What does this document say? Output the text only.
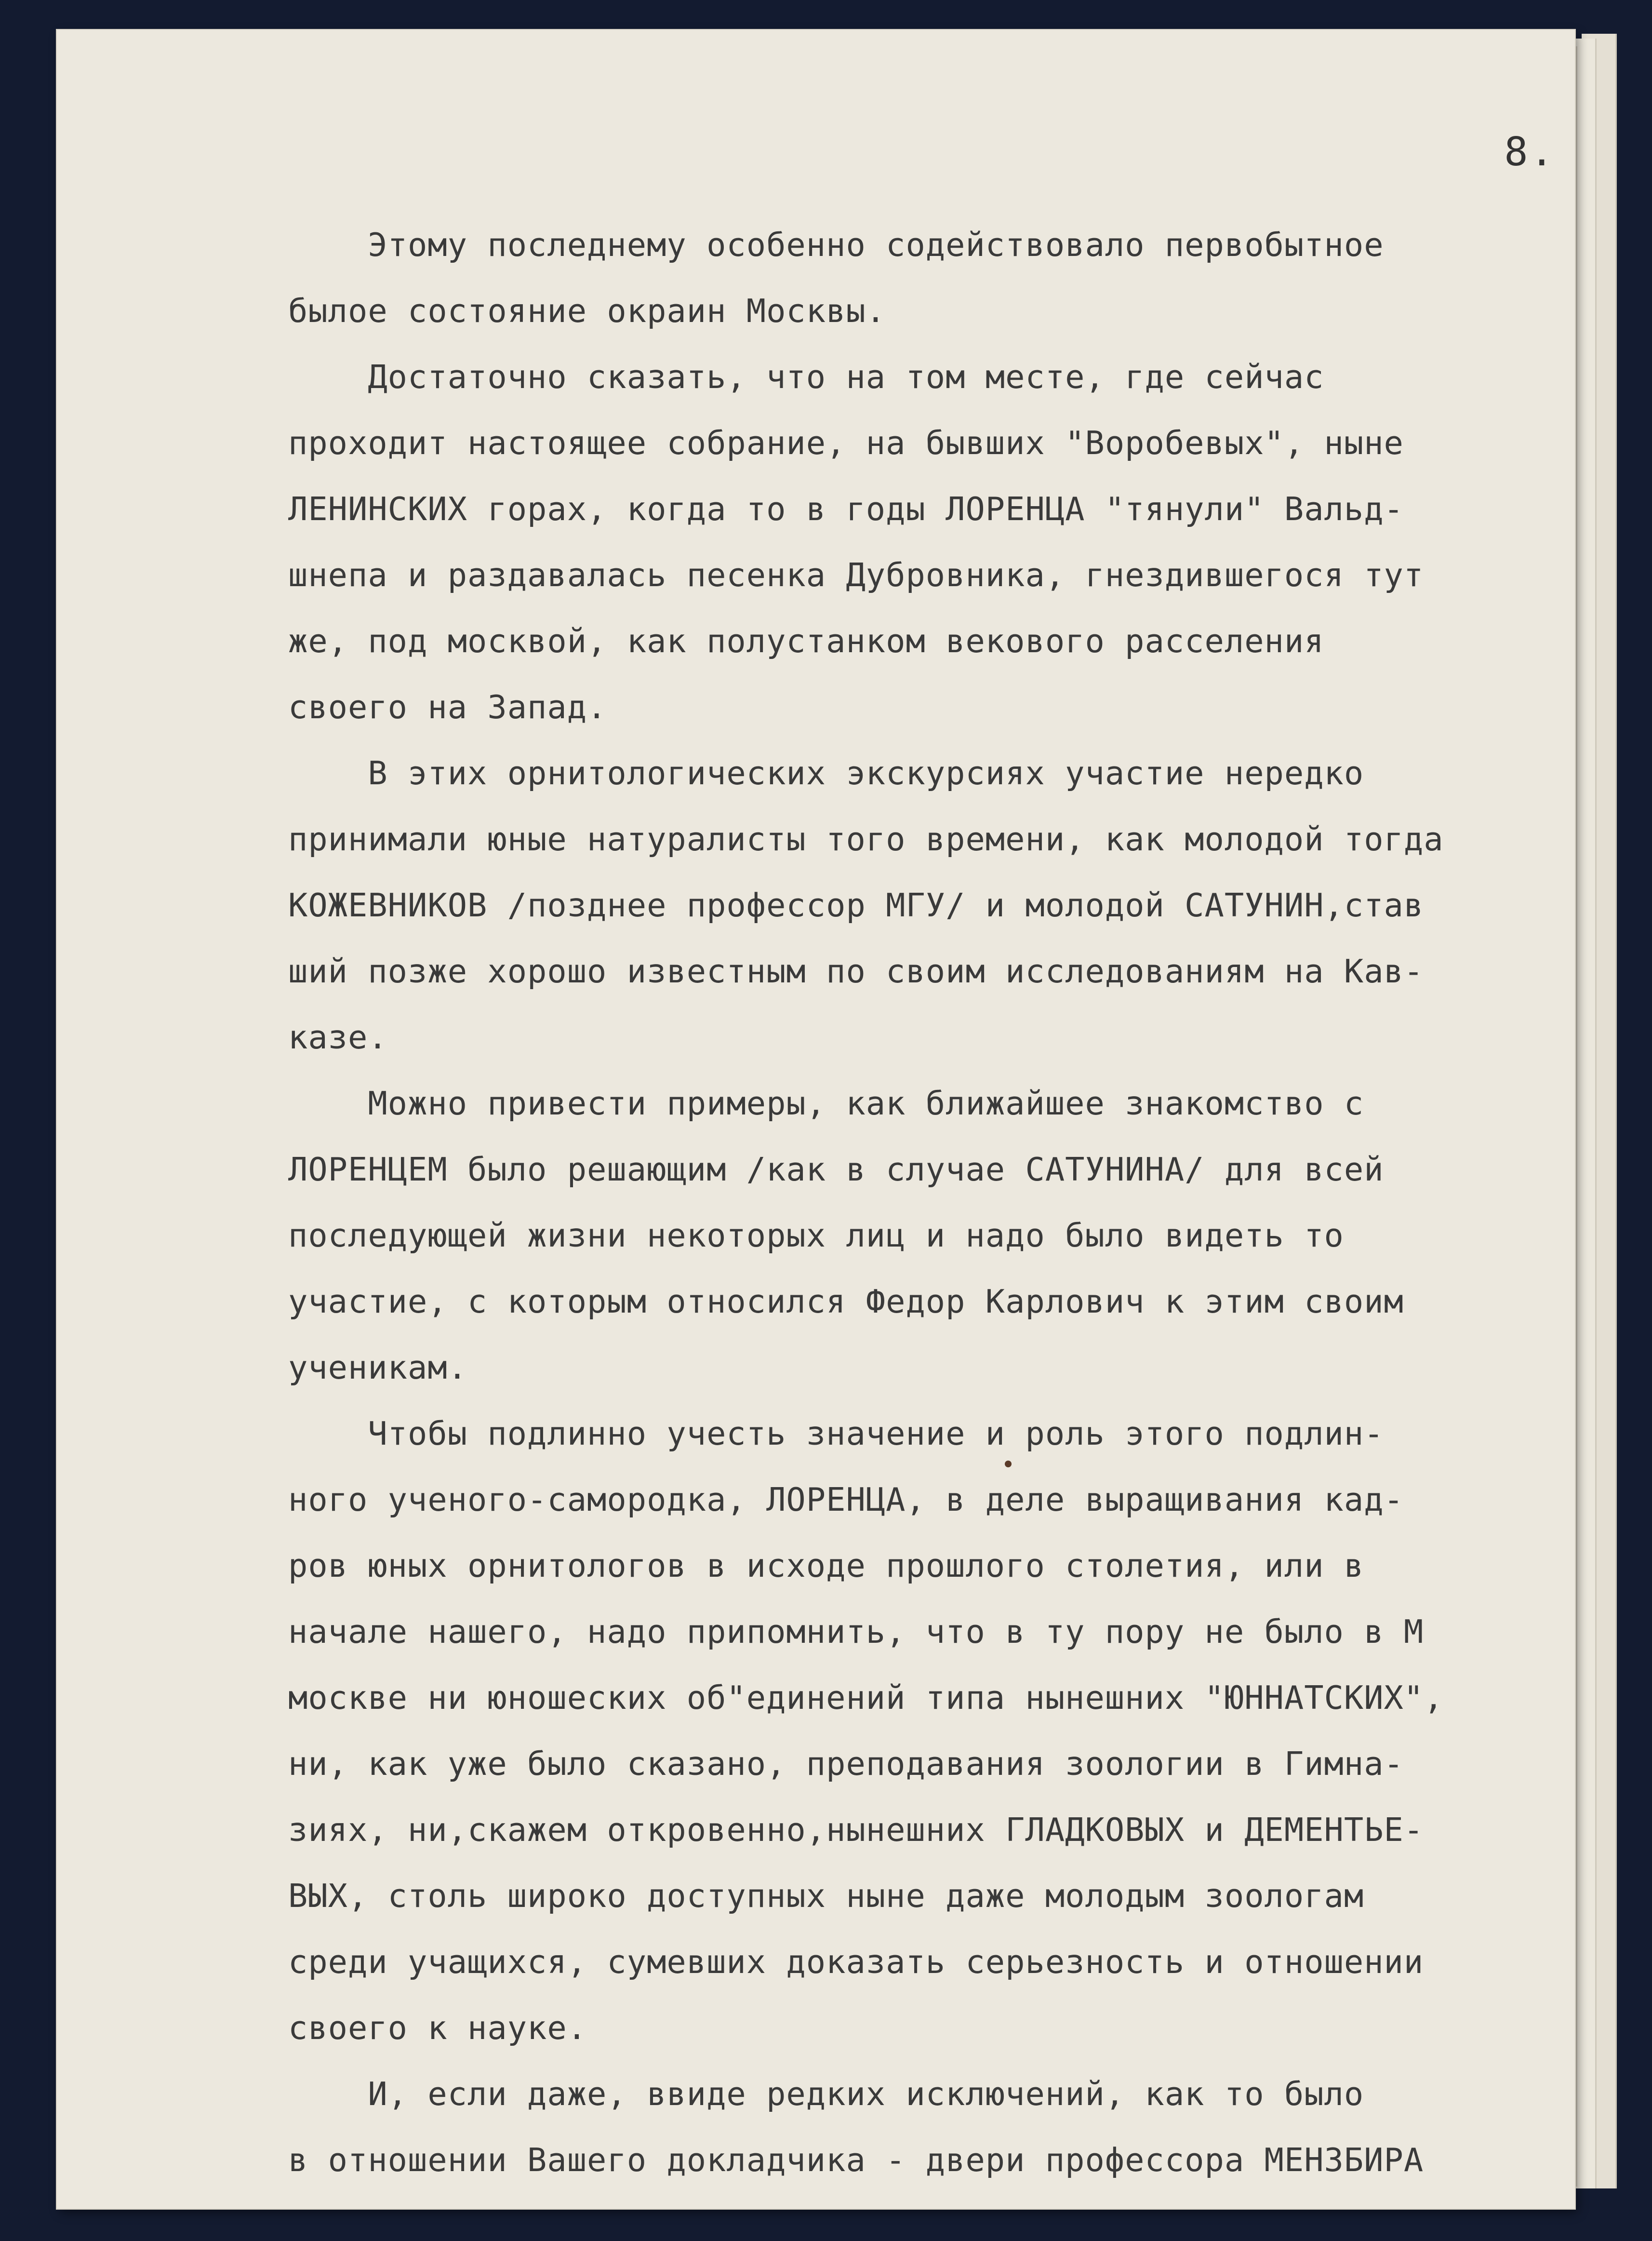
8.
Этому последнему особенно содействовало первобытное
былое состояние окраин Москвы.
Достаточно сказать, что на том месте, где сейчас
проходит настоящее собрание, на бывших "Воробевых", ныне
ЛЕНИНСКИХ горах, когда то в годы ЛОРЕНЦА "тянули" Вальд-
шнепа и раздавалась песенка Дубровника, гнездившегося тут
же, под москвой, как полустанком векового расселения
своего на Запад.
В этих орнитологических экскурсиях участие нередко
принимали юные натуралисты того времени, как молодой тогда
КОЖЕВНИКОВ /позднее профессор МГУ/ и молодой САТУНИН,став
ший позже хорошо известным по своим исследованиям на Кав-
казе.
Можно привести примеры, как ближайшее знакомство с
ЛОРЕНЦЕМ было решающим /как в случае САТУНИНА/ для всей
последующей жизни некоторых лиц и надо было видеть то
участие, с которым относился Федор Карлович к этим своим
ученикам.
Чтобы подлинно учесть значение и роль этого подлин-
ного ученого-самородка, ЛОРЕНЦА, в деле выращивания кад-
ров юных орнитологов в исходе прошлого столетия, или в
начале нашего, надо припомнить, что в ту пору не было в М
москве ни юношеских об"единений типа нынешних "ЮННАТСКИХ",
ни, как уже было сказано, преподавания зоологии в Гимна-
зиях, ни,скажем откровенно,нынешних ГЛАДКОВЫХ и ДЕМЕНТЬЕ-
ВЫХ, столь широко доступных ныне даже молодым зоологам
среди учащихся, сумевших доказать серьезность и отношении
своего к науке.
И, если даже, ввиде редких исключений, как то было
в отношении Вашего докладчика - двери профессора МЕНЗБИРА
